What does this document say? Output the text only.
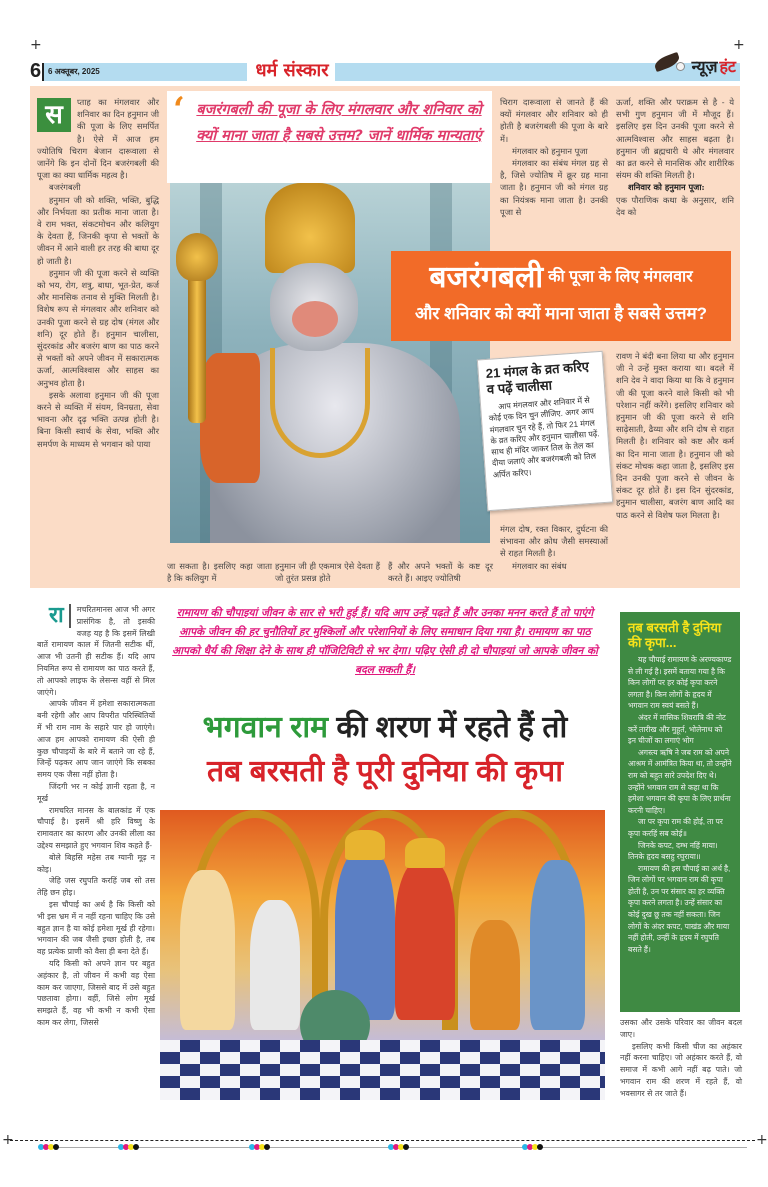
+	+
6 6 अक्तूबर, 2025	धर्म संस्कार	न्यूज़ हंट
स	प्ताह का मंगलवार और शनिवार का दिन हनुमान जी की पूजा के लिए समर्पित है। ऐसे में आज हम ज्योतिषि चिराग बेजान दारूवाला से जानेंगे कि इन दोनों दिन बजरंगबली की पूजा का क्या धार्मिक महत्व है।

बजरंगबली

हनुमान जी को शक्ति, भक्ति, बुद्धि और निर्भयता का प्रतीक माना जाता है। वे राम भक्त, संकटमोचन और कलियुग के देवता हैं, जिनकी कृपा से भक्तों के जीवन में आने वाली हर तरह की बाधा दूर हो जाती है।

हनुमान जी की पूजा करने से व्यक्ति को भय, रोग, शत्रु, बाधा, भूत-प्रेत, कर्ज और मानसिक तनाव से मुक्ति मिलती है। विशेष रूप से मंगलवार और शनिवार को उनकी पूजा करने से ग्रह दोष (मंगल और शनि) दूर होते हैं। हनुमान चालीसा, सुंदरकांड और बजरंग बाण का पाठ करने से भक्तों को अपने जीवन में सकारात्मक ऊर्जा, आत्मविश्वास और साहस का अनुभव होता है।

इसके अलावा हनुमान जी की पूजा करने से व्यक्ति में संयम, विनम्रता, सेवा भावना और दृढ़ भक्ति उत्पन्न होती है। बिना किसी स्वार्थ के सेवा, भक्ति और समर्पण के माध्यम से भगवान को पाया

‘ बजरंगबली की पूजा के लिए मंगलवार और शनिवार को क्यों माना जाता है सबसे उत्तम? जानें धार्मिक मान्यताएं

चिराग दारूवाला से जानते हैं की क्यों मंगलवार और शनिवार को ही होती है बजरंगबली की पूजा के बारे में।

मंगलवार को हनुमान पूजा

मंगलवार का संबंध मंगल ग्रह से है, जिसे ज्योतिष में क्रूर ग्रह माना जाता है। हनुमान जी को मंगल ग्रह का नियंत्रक माना जाता है। उनकी पूजा से

ऊर्जा, शक्ति और पराक्रम से है - ये सभी गुण हनुमान जी में मौजूद हैं। इसलिए इस दिन उनकी पूजा करने से आत्मविश्वास और साहस बढ़ता है। हनुमान जी ब्रह्मचारी थे और मंगलवार का व्रत करने से मानसिक और शारीरिक संयम की शक्ति मिलती है।

शनिवार को हनुमान पूजा:

एक पौराणिक कथा के अनुसार, शनि देव को

बजरंगबली की पूजा के लिए मंगलवार
और शनिवार को क्यों माना जाता है सबसे उत्तम?
21 मंगल के व्रत करिए व पढ़ें चालीसा
आप मंगलवार और शनिवार में से कोई एक दिन चुन लीजिए. अगर आप मंगलवार चुन रहे हैं, तो फिर 21 मंगल के व्रत करिए और हनुमान चालीसा पढ़ें. साथ ही मंदिर जाकर तिल के तेल का दीया जलाएं और बजरंगबली को तिल अर्पित करिए।

मंगल दोष, रक्त विकार, दुर्घटना की संभावना और क्रोध जैसी समस्याओं से राहत मिलती है।

मंगलवार का संबंध

रावण ने बंदी बना लिया था और हनुमान जी ने उन्हें मुक्त कराया था। बदले में शनि देव ने वादा किया था कि वे हनुमान जी की पूजा करने वाले किसी को भी परेशान नहीं करेंगे। इसलिए शनिवार को हनुमान जी की पूजा करने से शनि साढ़ेसाती, ढैय्या और शनि दोष से राहत मिलती है। शनिवार को कष्ट और कर्म का दिन माना जाता है। हनुमान जी को संकट मोचक कहा जाता है, इसलिए इस दिन उनकी पूजा करने से जीवन के संकट दूर होते हैं। इस दिन सुंदरकांड, हनुमान चालीसा, बजरंग बाण आदि का पाठ करने से विशेष फल मिलता है।

जा सकता है। इसलिए कहा जाता है कि कलियुग में

हनुमान जी ही एकमात्र ऐसे देवता हैं जो तुरंत प्रसन्न होते

हैं और अपने भक्तों के कष्ट दूर करते हैं। आइए ज्योतिषी

रा	मचरितमानस आज भी अगर प्रासंगिक है, तो इसकी वजह यह है कि इसमें लिखी बातें रामायण काल में जितनी सटीक थीं, आज भी उतनी ही सटीक हैं। यदि आप नियमित रूप से रामायण का पाठ करते हैं, तो आपको लाइफ के लेसन्स वहीं से मिल जाएंगे।

आपके जीवन में हमेशा सकारात्मकता बनी रहेगी और आप विपरीत परिस्थितियों में भी राम नाम के सहारे पार हो जाएंगे। आज हम आपको रामायण की ऐसी ही कुछ चौपाइयों के बारे में बताने जा रहे हैं, जिन्हें पढ़कर आप जान जाएंगे कि सबका समय एक जैसा नहीं होता है।

जिंदगी भर न कोई ज्ञानी रहता है, न मूर्ख

रामचरित मानस के बालकांड में एक चौपाई है। इसमें श्री हरि विष्णु के रामावतार का कारण और उनकी लीला का उद्देश्य समझाते हुए भगवान शिव कहते हैं-

बोले बिहसि महेस तब ग्यानी मूढ़ न कोइ।

जेहि जस रघुपति करहिं जब सो तस तेहि छन होइ।

इस चौपाई का अर्थ है कि किसी को भी इस भ्रम में न नहीं रहना चाहिए कि उसे बहुत ज्ञान है या कोई हमेशा मूर्ख ही रहेगा। भगवान की जब जैसी इच्छा होती है, तब वह प्रत्येक प्राणी को वैसा ही बना देते हैं।

यदि किसी को अपने ज्ञान पर बहुत अहंकार है, तो जीवन में कभी वह ऐसा काम कर जाएगा, जिससे बाद में उसे बहुत पछतावा होगा। वहीं, जिसे लोग मूर्ख समझते हैं, वह भी कभी न कभी ऐसा काम कर लेगा, जिससे

रामायण की चौपाइयां जीवन के सार से भरी हुई हैं। यदि आप उन्हें पढ़ते हैं और उनका मनन करते हैं तो पाएंगे आपके जीवन की हर चुनौतियों हर मुश्किलों और परेशानियों के लिए समाधान दिया गया है। रामायण का पाठ आपको धैर्य की शिक्षा देने के साथ ही पॉजिटिविटी से भर देगा। पढ़िए ऐसी ही दो चौपाइयां जो आपके जीवन को बदल सकती हैं।
भगवान राम की शरण में रहते हैं तो
तब बरसती है पूरी दुनिया की कृपा
तब बरसती है दुनिया की कृपा...

यह चौपाई रामायण के अरण्यकाण्ड से ली गई है। इसमें बताया गया है कि किन लोगों पर हर कोई कृपा करने लगता है। किन लोगों के हृदय में भगवान राम स्वयं बसते हैं।

अंदर में मासिक शिवरात्रि की नोट करें तारीख और मुहूर्त, भोलेनाथ को इन चीजों का लगाएं भोग

अगस्त्य ऋषि ने जब राम को अपने आश्रम में आमंत्रित किया था, तो उन्होंने राम को बहुत सारे उपदेश दिए थे। उन्होंने भगवान राम से कहा था कि हमेशा भगवान की कृपा के लिए प्रार्थना करनी चाहिए।

जा पर कृपा राम की होई, ता पर कृपा करहिं सब कोई॥

जिनके कपट, दम्भ नहिं माया। तिनके हृदय बसहु रघुराया॥

रामायण की इस चौपाई का अर्थ है, जिन लोगों पर भगवान राम की कृपा होती है, उन पर संसार का हर व्यक्ति कृपा करने लगता है। उन्हें संसार का कोई दुख छू तक नहीं सकता। जिन लोगों के अंदर कपट, पाखंड और माया नहीं होती, उन्हीं के हृदय में रघुपति बसते हैं।

उसका और उसके परिवार का जीवन बदल जाए।

इसलिए कभी किसी चीज का अहंकार नहीं करना चाहिए। जो अहंकार करते हैं, वो समाज में कभी आगे नहीं बढ़ पाते। जो भगवान राम की शरण में रहते हैं, वो भवसागर से तर जाते हैं।

+	+
